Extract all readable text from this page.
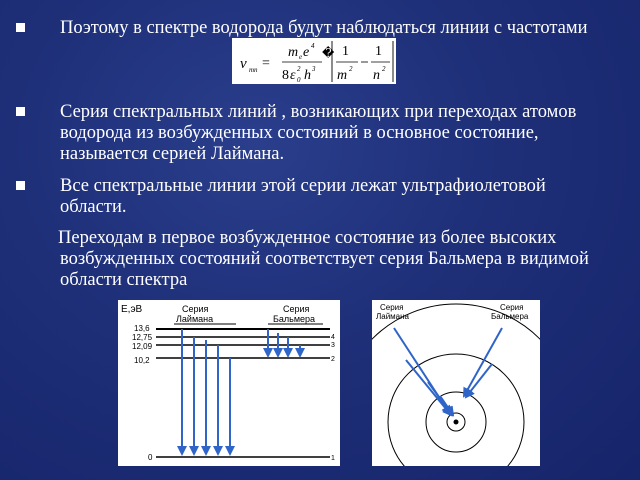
Поэтому в спектре водорода будут наблюдаться линии с частотами
ν mn =
m e e 4
8 ε 0
2 h 3
� 1
m 2
1
n 2
Серия спектральных линий , возникающих при переходах атомов водорода из возбужденных состояний в основное состояние, называется серией Лаймана.
Все спектральные линии этой серии лежат ультрафиолетовой области.
Переходам в первое возбужденное состояние из более высоких возбужденных состояний соответствует серия Бальмера в видимой области спектра
E,эВ	Серия
Лаймана
Серия
Бальмера
13,6
12,75
12,09
10,2
0
4
3
2
1
Серия
Лаймана
Серия
Бальмера
